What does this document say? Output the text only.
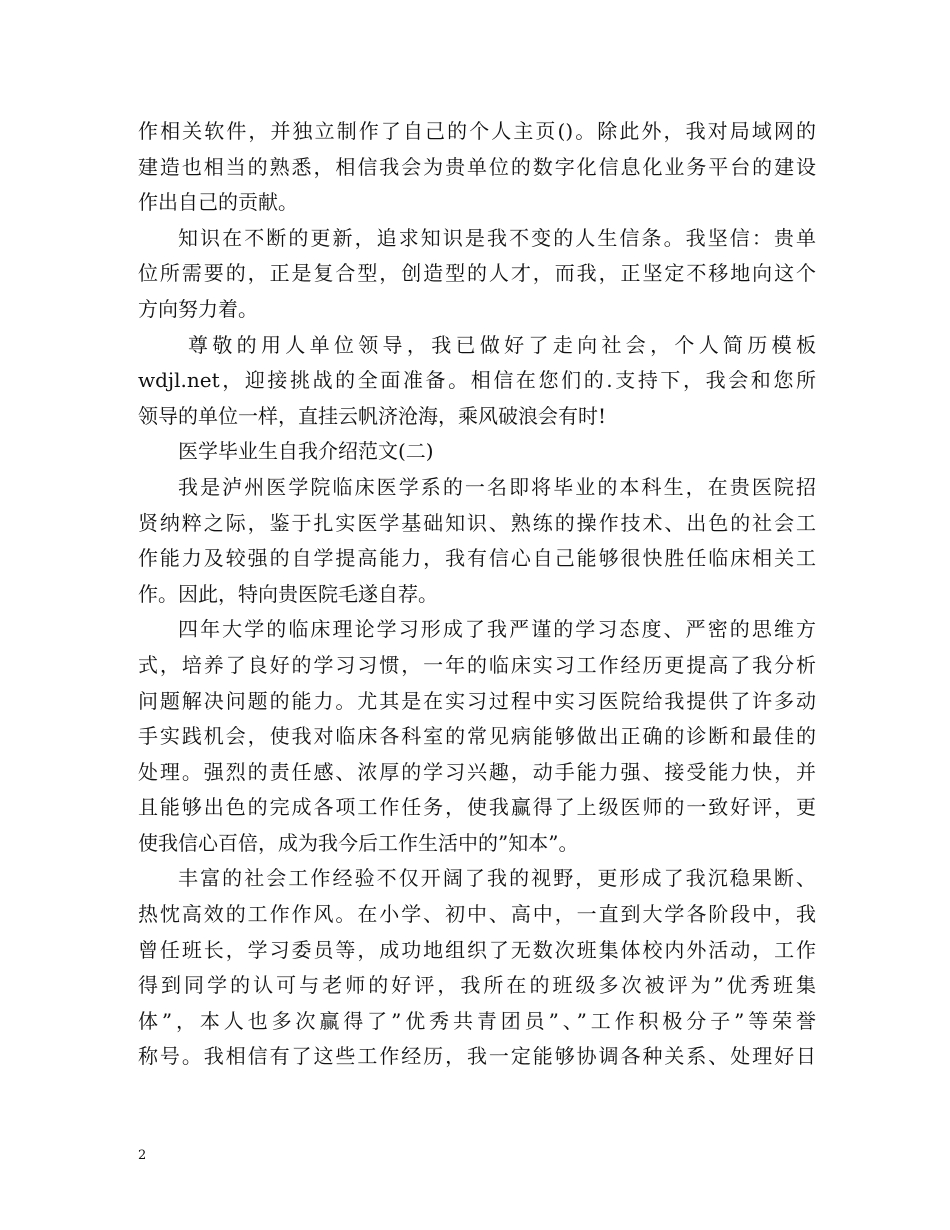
作相关软件，并独立制作了自己的个人主页()。除此外，我对局域网的
建造也相当的熟悉，相信我会为贵单位的数字化信息化业务平台的建设
作出自己的贡献。
知识在不断的更新，追求知识是我不变的人生信条。我坚信：贵单
位所需要的，正是复合型，创造型的人才，而我，正坚定不移地向这个
方向努力着。
尊敬的用人单位领导，我已做好了走向社会，个人简历模板
wdjl.net，迎接挑战的全面准备。相信在您们的.支持下，我会和您所
领导的单位一样，直挂云帆济沧海，乘风破浪会有时!
医学毕业生自我介绍范文(二)
我是泸州医学院临床医学系的一名即将毕业的本科生，在贵医院招
贤纳粹之际，鉴于扎实医学基础知识、熟练的操作技术、出色的社会工
作能力及较强的自学提高能力，我有信心自己能够很快胜任临床相关工
作。因此，特向贵医院毛遂自荐。
四年大学的临床理论学习形成了我严谨的学习态度、严密的思维方
式，培养了良好的学习习惯，一年的临床实习工作经历更提高了我分析
问题解决问题的能力。尤其是在实习过程中实习医院给我提供了许多动
手实践机会，使我对临床各科室的常见病能够做出正确的诊断和最佳的
处理。强烈的责任感、浓厚的学习兴趣，动手能力强、接受能力快，并
且能够出色的完成各项工作任务，使我赢得了上级医师的一致好评，更
使我信心百倍，成为我今后工作生活中的”知本”。
丰富的社会工作经验不仅开阔了我的视野，更形成了我沉稳果断、
热忱高效的工作作风。在小学、初中、高中，一直到大学各阶段中，我
曾任班长，学习委员等，成功地组织了无数次班集体校内外活动，工作
得到同学的认可与老师的好评，我所在的班级多次被评为”优秀班集
体”，本人也多次赢得了”优秀共青团员”、”工作积极分子”等荣誉
称号。我相信有了这些工作经历，我一定能够协调各种关系、处理好日
2
